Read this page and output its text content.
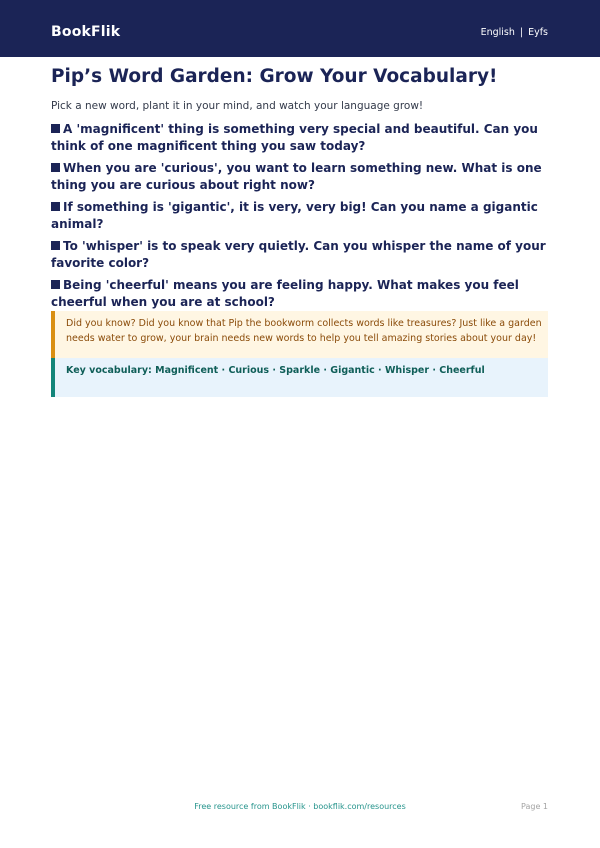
BookFlik	English | Eyfs
Pip’s Word Garden: Grow Your Vocabulary!

Pick a new word, plant it in your mind, and watch your language grow!

A 'magnificent' thing is something very special and beautiful. Can you think of one magnificent thing you saw today?
When you are 'curious', you want to learn something new. What is one thing you are curious about right now?
If something is 'gigantic', it is very, very big! Can you name a gigantic animal?
To 'whisper' is to speak very quietly. Can you whisper the name of your favorite color?
Being 'cheerful' means you are feeling happy. What makes you feel cheerful when you are at school?
Did you know? Did you know that Pip the bookworm collects words like treasures? Just like a garden needs water to grow, your brain needs new words to help you tell amazing stories about your day!
Key vocabulary: Magnificent · Curious · Sparkle · Gigantic · Whisper · Cheerful
Free resource from BookFlik · bookflik.com/resources	Page 1
